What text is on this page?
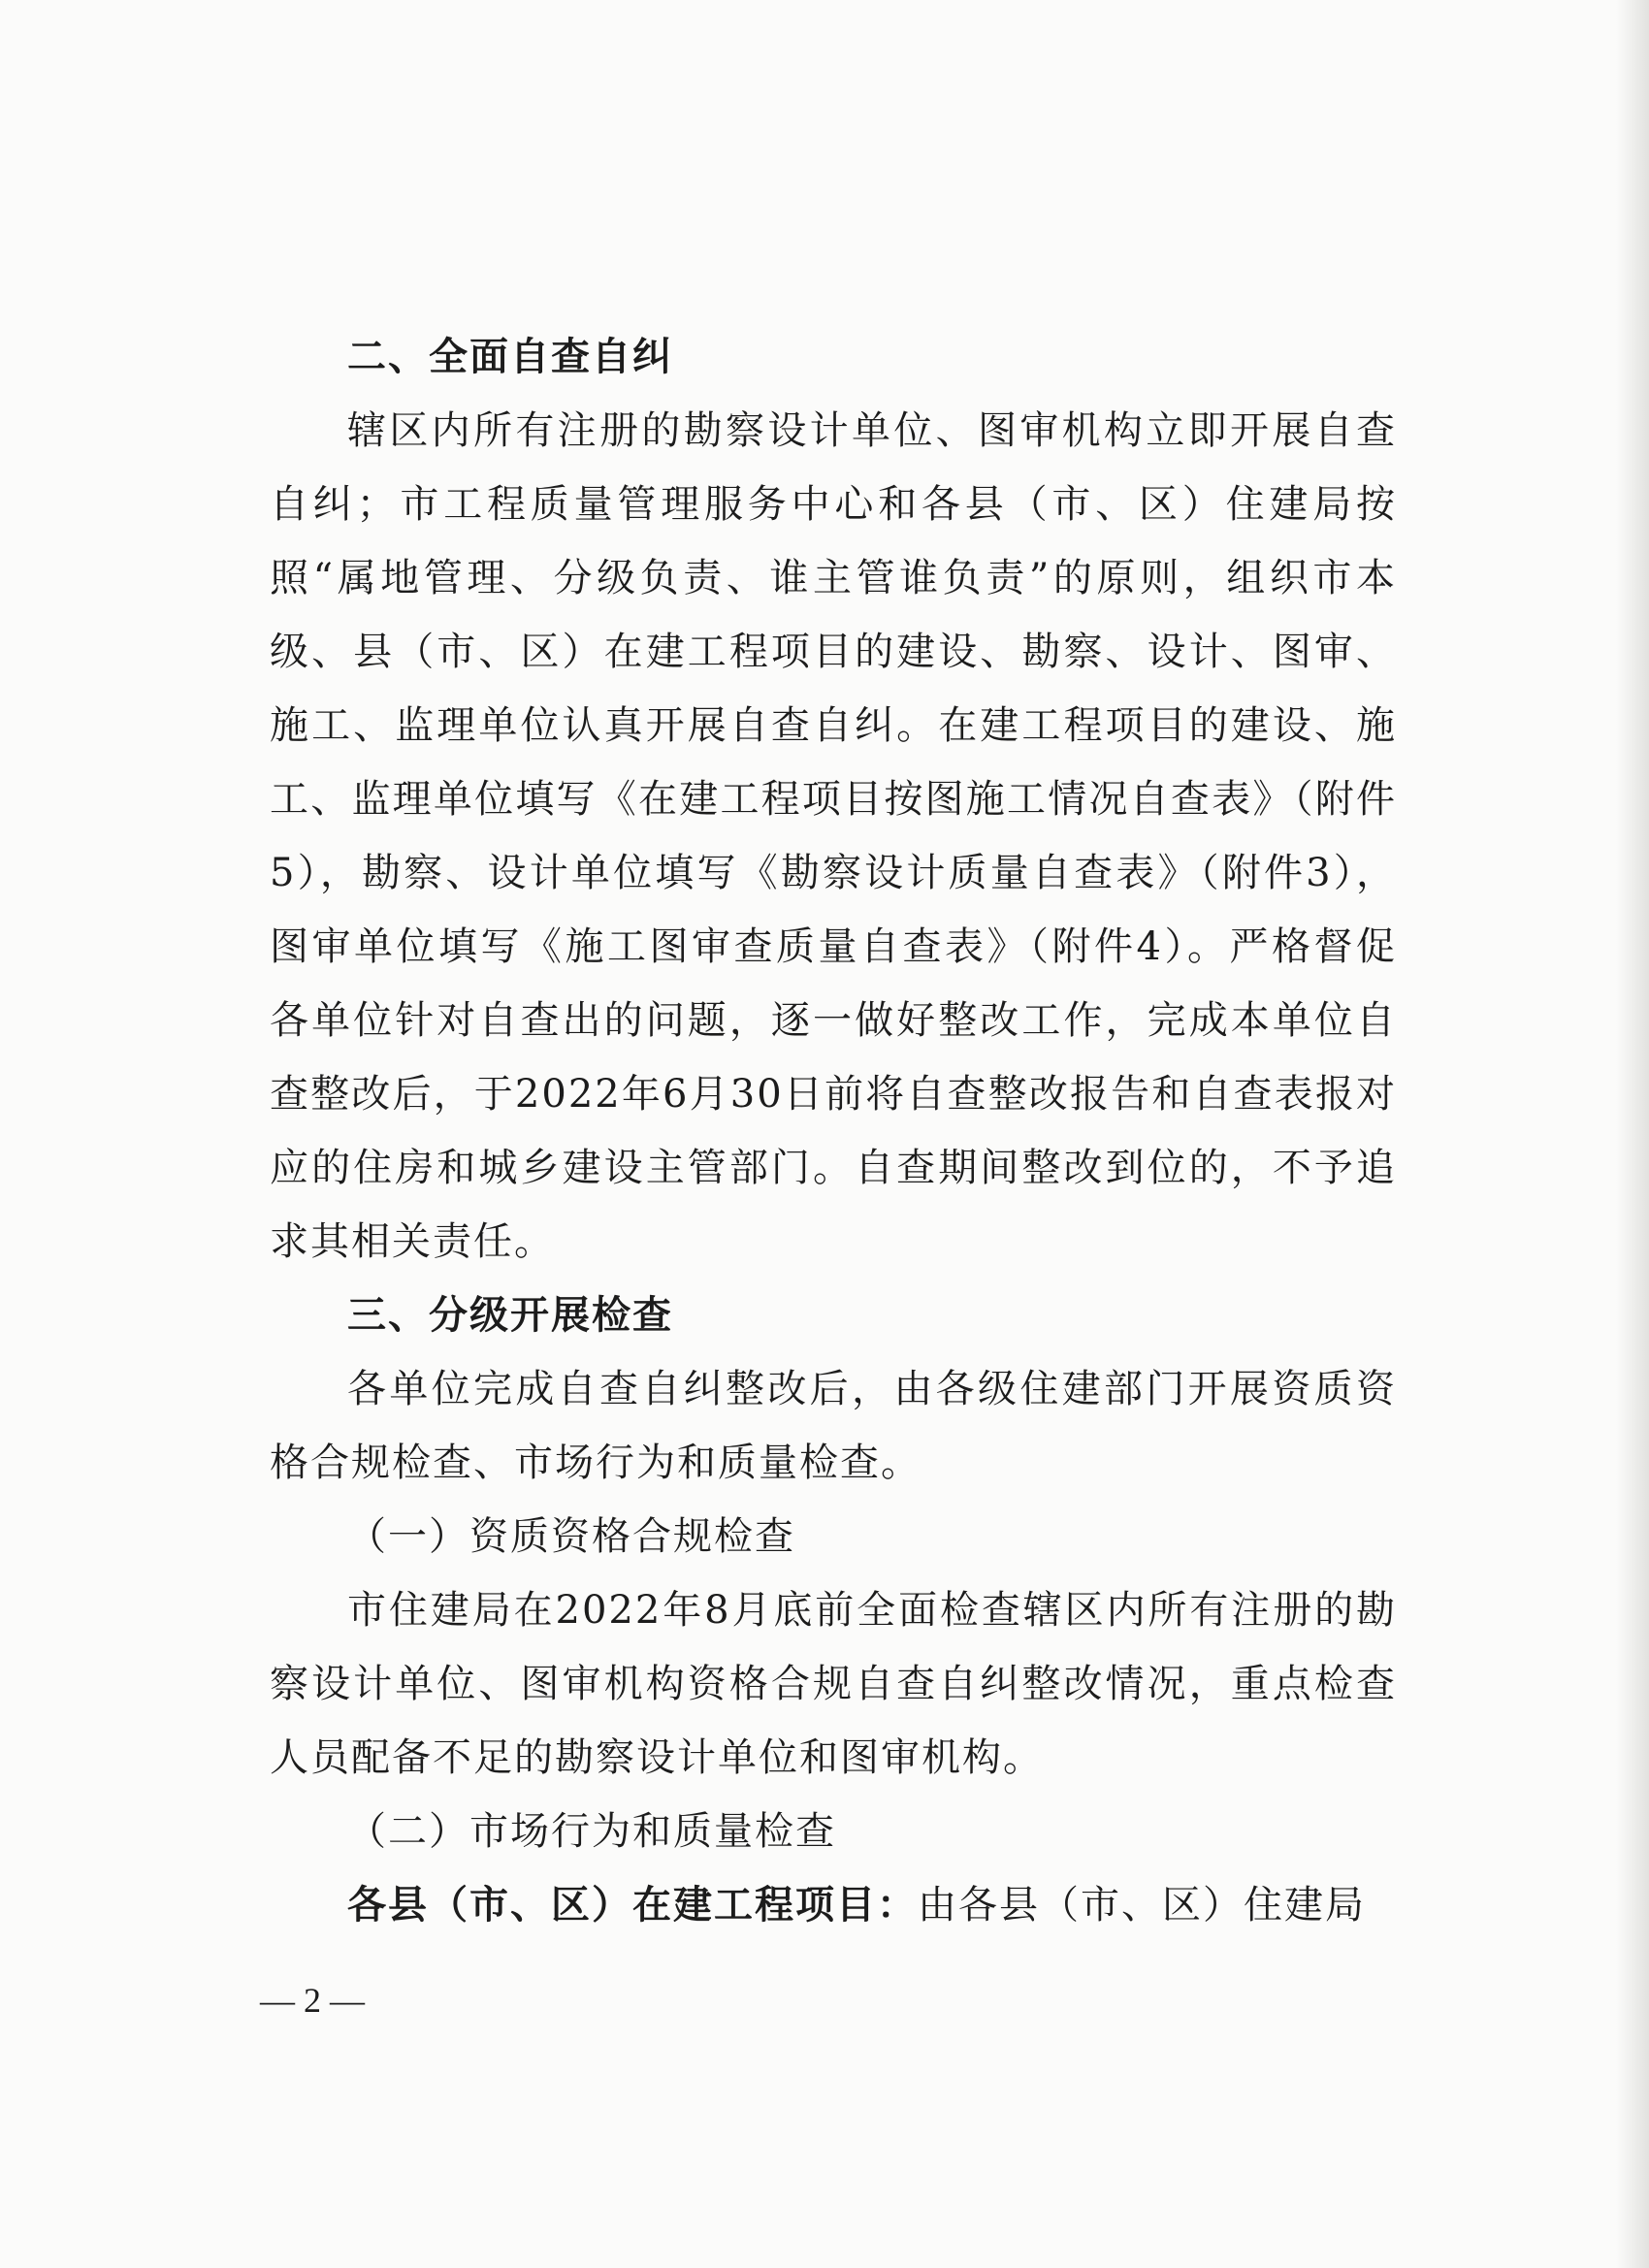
二、全面自查自纠

辖区内所有注册的勘察设计单位、图审机构立即开展自查自纠；市工程质量管理服务中心和各县（市、区）住建局按照“属地管理、分级负责、谁主管谁负责”的原则，组织市本级、县（市、区）在建工程项目的建设、勘察、设计、图审、施工、监理单位认真开展自查自纠。在建工程项目的建设、施工、监理单位填写《在建工程项目按图施工情况自查表》（附件5），勘察、设计单位填写《勘察设计质量自查表》（附件3），图审单位填写《施工图审查质量自查表》（附件4）。严格督促各单位针对自查出的问题，逐一做好整改工作，完成本单位自查整改后，于2022年6月30日前将自查整改报告和自查表报对应的住房和城乡建设主管部门。自查期间整改到位的，不予追求其相关责任。

三、分级开展检查

各单位完成自查自纠整改后，由各级住建部门开展资质资格合规检查、市场行为和质量检查。

（一）资质资格合规检查

市住建局在2022年8月底前全面检查辖区内所有注册的勘察设计单位、图审机构资格合规自查自纠整改情况，重点检查人员配备不足的勘察设计单位和图审机构。

（二）市场行为和质量检查

各县（市、区）在建工程项目：由各县（市、区）住建局

— 2 —
